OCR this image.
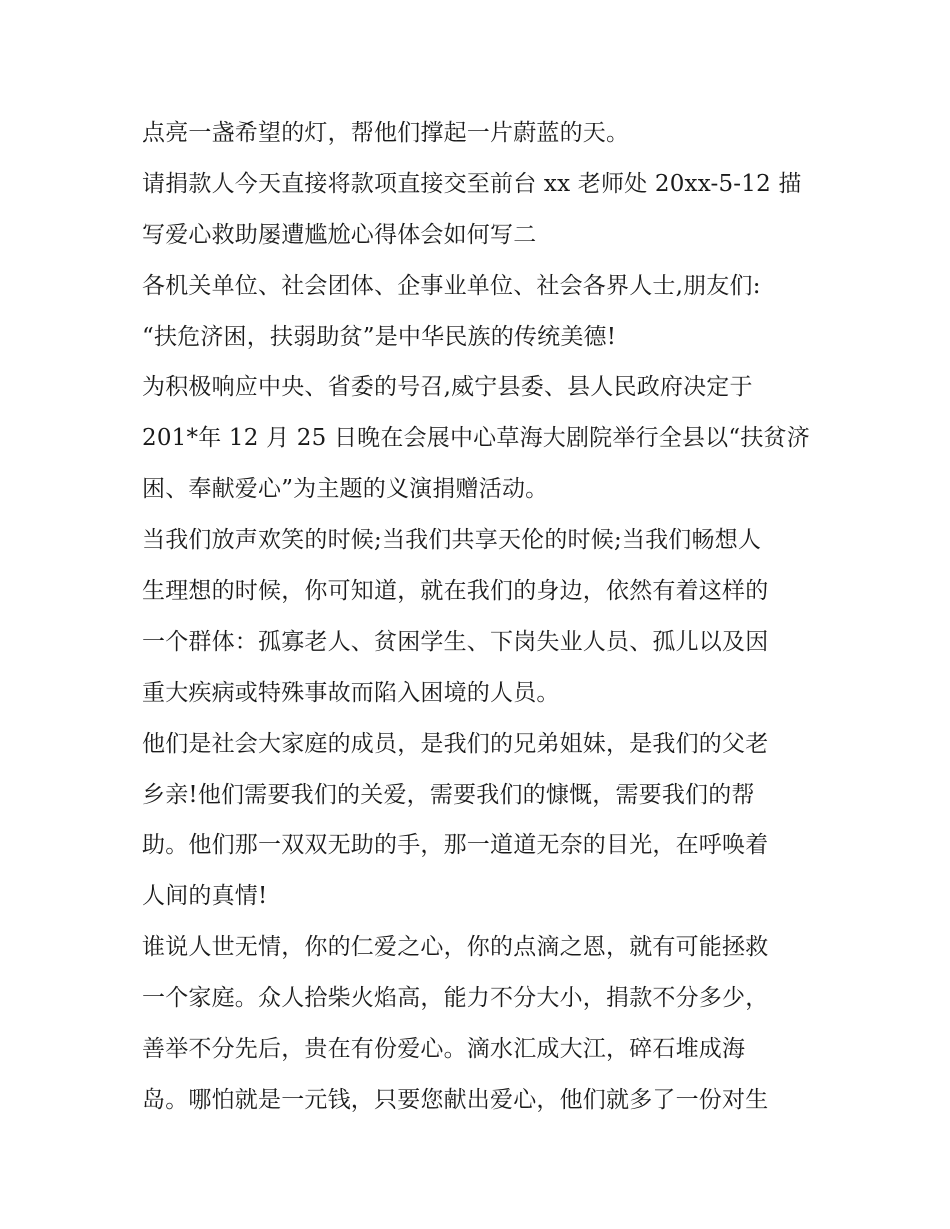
点亮一盏希望的灯，帮他们撑起一片蔚蓝的天。
请捐款人今天直接将款项直接交至前台 xx 老师处 20xx-5-12 描
写爱心救助屡遭尴尬心得体会如何写二
各机关单位、社会团体、企事业单位、社会各界人士,朋友们:
“扶危济困，扶弱助贫”是中华民族的传统美德!
为积极响应中央、省委的号召,威宁县委、县人民政府决定于
201*年 12 月 25 日晚在会展中心草海大剧院举行全县以“扶贫济
困、奉献爱心”为主题的义演捐赠活动。
当我们放声欢笑的时候;当我们共享天伦的时候;当我们畅想人
生理想的时候，你可知道，就在我们的身边，依然有着这样的
一个群体：孤寡老人、贫困学生、下岗失业人员、孤儿以及因
重大疾病或特殊事故而陷入困境的人员。
他们是社会大家庭的成员，是我们的兄弟姐妹，是我们的父老
乡亲!他们需要我们的关爱，需要我们的慷慨，需要我们的帮
助。他们那一双双无助的手，那一道道无奈的目光，在呼唤着
人间的真情!
谁说人世无情，你的仁爱之心，你的点滴之恩，就有可能拯救
一个家庭。众人拾柴火焰高，能力不分大小，捐款不分多少，
善举不分先后，贵在有份爱心。滴水汇成大江，碎石堆成海
岛。哪怕就是一元钱，只要您献出爱心，他们就多了一份对生
